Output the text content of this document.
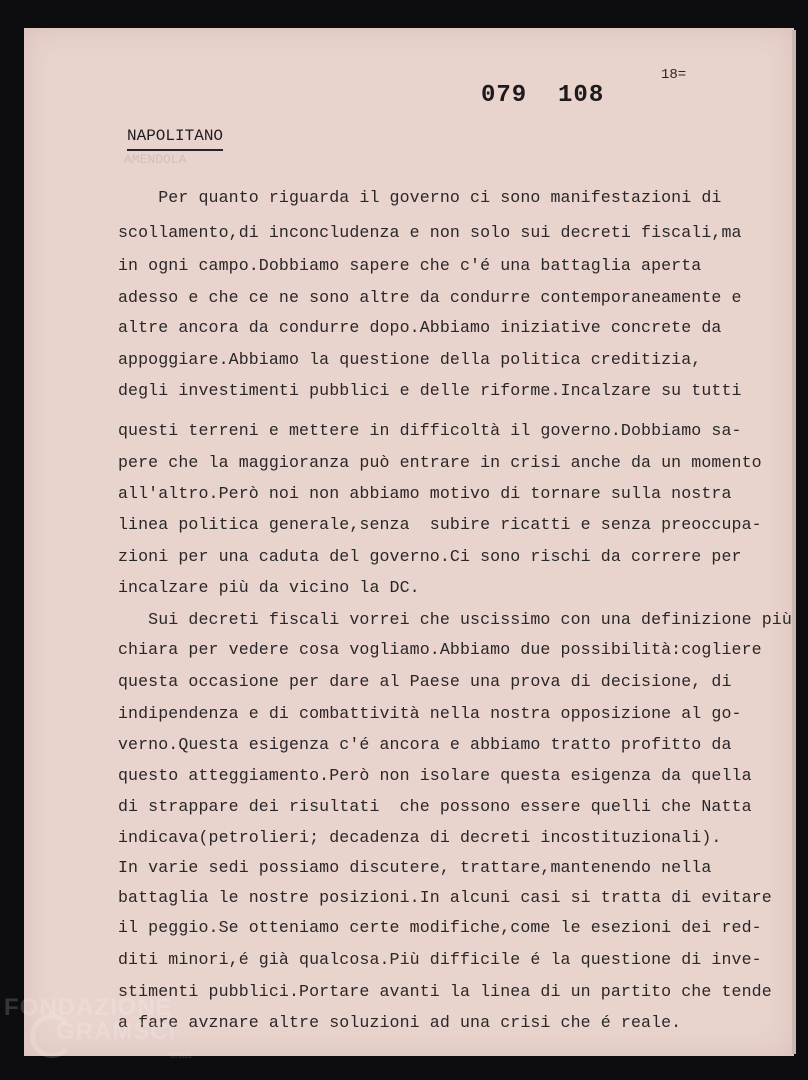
079  108
18=
NAPOLITANO
AMENDOLA
Per quanto riguarda il governo ci sono manifestazioni di
scollamento,di inconcludenza e non solo sui decreti fiscali,ma
in ogni campo.Dobbiamo sapere che c'é una battaglia aperta
adesso e che ce ne sono altre da condurre contemporaneamente e
altre ancora da condurre dopo.Abbiamo iniziative concrete da
appoggiare.Abbiamo la questione della politica creditizia,
degli investimenti pubblici e delle riforme.Incalzare su tutti
questi terreni e mettere in difficoltà il governo.Dobbiamo sa-
pere che la maggioranza può entrare in crisi anche da un momento
all'altro.Però noi non abbiamo motivo di tornare sulla nostra
linea politica generale,senza  subire ricatti e senza preoccupa-
zioni per una caduta del governo.Ci sono rischi da correre per
incalzare più da vicino la DC.
Sui decreti fiscali vorrei che uscissimo con una definizione più
chiara per vedere cosa vogliamo.Abbiamo due possibilità:cogliere
questa occasione per dare al Paese una prova di decisione, di
indipendenza e di combattività nella nostra opposizione al go-
verno.Questa esigenza c'é ancora e abbiamo tratto profitto da
questo atteggiamento.Però non isolare questa esigenza da quella
di strappare dei risultati  che possono essere quelli che Natta
indicava(petrolieri; decadenza di decreti incostituzionali).
In varie sedi possiamo discutere, trattare,mantenendo nella
battaglia le nostre posizioni.In alcuni casi si tratta di evitare
il peggio.Se otteniamo certe modifiche,come le esezioni dei red-
diti minori,é già qualcosa.Più difficile é la questione di inve-
stimenti pubblici.Portare avanti la linea di un partito che tende
a fare avznare altre soluzioni ad una crisi che é reale.
FONDAZIONE
GRAMSCI
onlus
